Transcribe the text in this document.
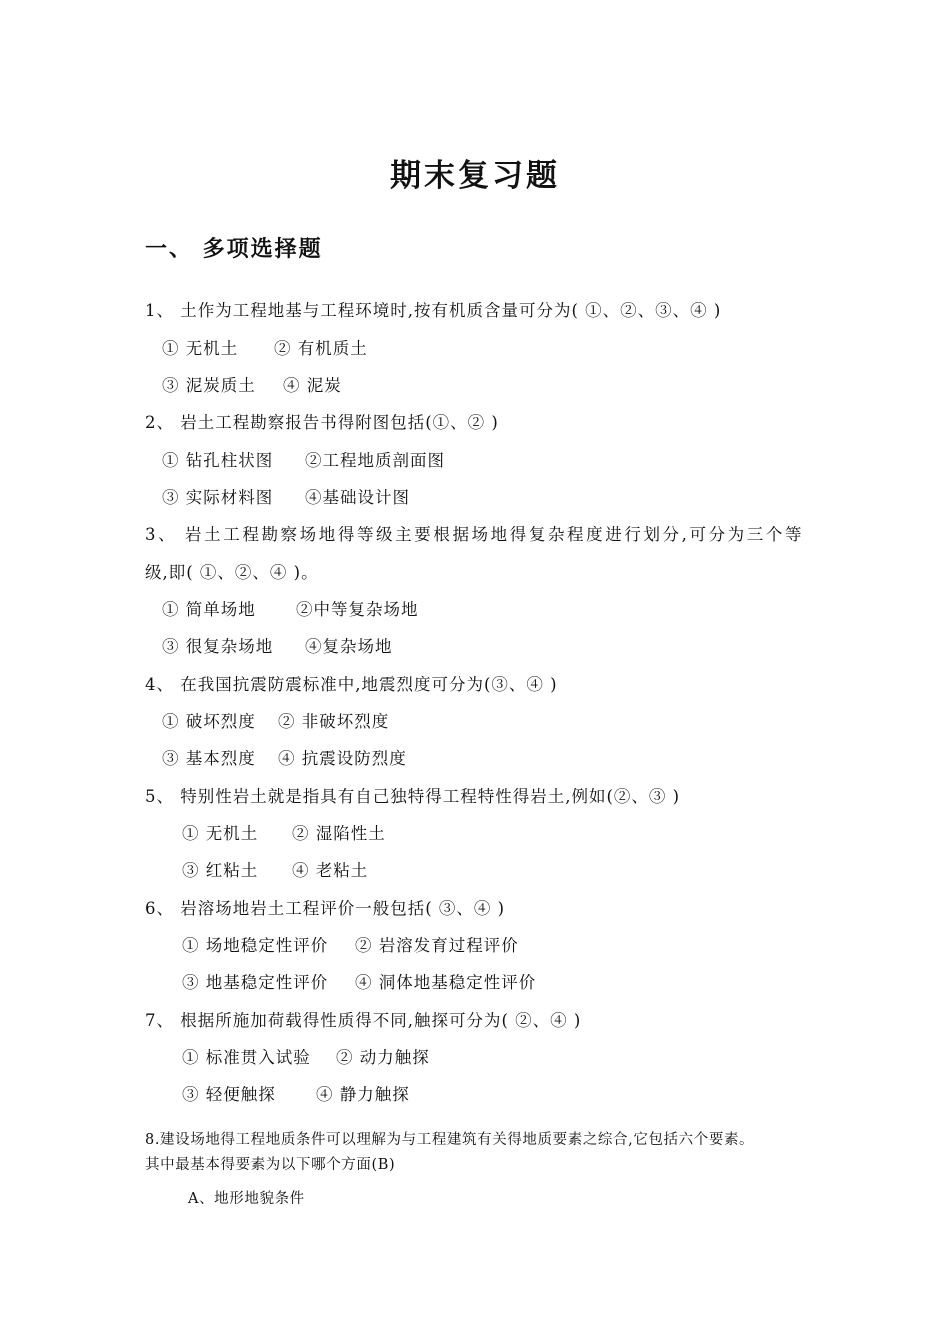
期末复习题
一、 多项选择题
1、 土作为工程地基与工程环境时,按有机质含量可分为( ①、②、③、④ )
① 无机土 ② 有机质土
③ 泥炭质土 ④ 泥炭
2、 岩土工程勘察报告书得附图包括(①、② )
① 钻孔柱状图 ②工程地质剖面图
③ 实际材料图 ④基础设计图
3、 岩土工程勘察场地得等级主要根据场地得复杂程度进行划分,可分为三个等
级,即( ①、②、④ )。
① 简单场地 ②中等复杂场地
③ 很复杂场地 ④复杂场地
4、 在我国抗震防震标准中,地震烈度可分为(③、④ )
① 破坏烈度 ② 非破坏烈度
③ 基本烈度 ④ 抗震设防烈度
5、 特别性岩土就是指具有自己独特得工程特性得岩土,例如(②、③ )
① 无机土 ② 湿陷性土
③ 红粘土 ④ 老粘土
6、 岩溶场地岩土工程评价一般包括( ③、④ )
① 场地稳定性评价 ② 岩溶发育过程评价
③ 地基稳定性评价 ④ 洞体地基稳定性评价
7、 根据所施加荷载得性质得不同,触探可分为( ②、④ )
① 标准贯入试验 ② 动力触探
③ 轻便触探 ④ 静力触探
8.建设场地得工程地质条件可以理解为与工程建筑有关得地质要素之综合,它包括六个要素。
其中最基本得要素为以下哪个方面(B)
A、地形地貌条件
